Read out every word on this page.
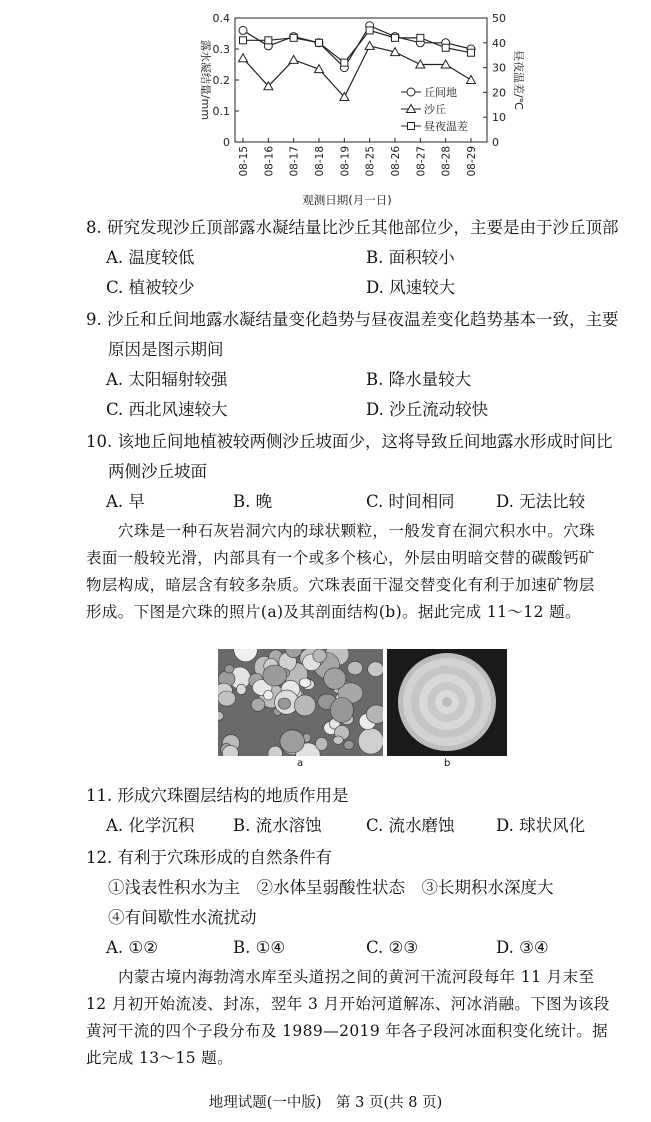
0.4
0.3
0.2
0.1
0
50
40
30
20
10
0
露水凝结量/mm	昼夜温差/℃
08-15 08-16 08-17 08-18 08-19 08-25 08-26 08-27 08-28 08-29
观测日期(月一日)
丘间地
沙丘
昼夜温差
8. 研究发现沙丘顶部露水凝结量比沙丘其他部位少，主要是由于沙丘顶部
A. 温度较低	B. 面积较小
C. 植被较少	D. 风速较大
9. 沙丘和丘间地露水凝结量变化趋势与昼夜温差变化趋势基本一致，主要
原因是图示期间
A. 太阳辐射较强	B. 降水量较大
C. 西北风速较大	D. 沙丘流动较快
10. 该地丘间地植被较两侧沙丘坡面少，这将导致丘间地露水形成时间比
两侧沙丘坡面
A. 早	B. 晚	C. 时间相同	D. 无法比较
穴珠是一种石灰岩洞穴内的球状颗粒，一般发育在洞穴积水中。穴珠
表面一般较光滑，内部具有一个或多个核心，外层由明暗交替的碳酸钙矿
物层构成，暗层含有较多杂质。穴珠表面干湿交替变化有利于加速矿物层
形成。下图是穴珠的照片(a)及其剖面结构(b)。据此完成 11～12 题。
a	b
11. 形成穴珠圈层结构的地质作用是
A. 化学沉积 B. 流水溶蚀	C. 流水磨蚀	D. 球状风化
12. 有利于穴珠形成的自然条件有
①浅表性积水为主　②水体呈弱酸性状态　③长期积水深度大
④有间歇性水流扰动
A. ①②	B. ①④	C. ②③	D. ③④
内蒙古境内海勃湾水库至头道拐之间的黄河干流河段每年 11 月末至
12 月初开始流凌、封冻，翌年 3 月开始河道解冻、河冰消融。下图为该段
黄河干流的四个子段分布及 1989—2019 年各子段河冰面积变化统计。据
此完成 13～15 题。
地理试题(一中版)　第 3 页(共 8 页)
